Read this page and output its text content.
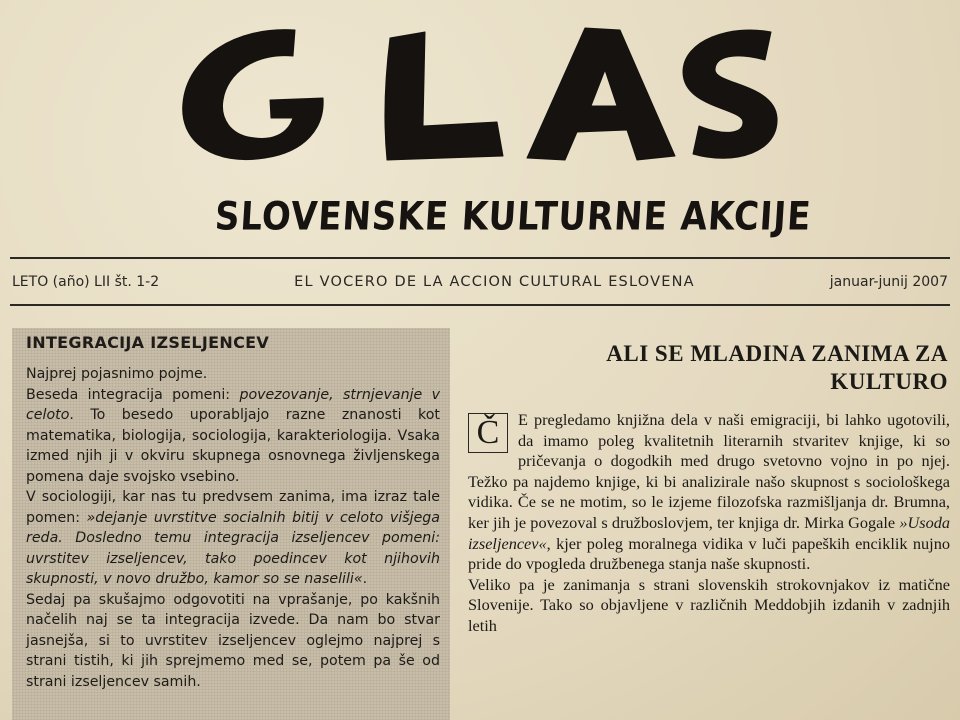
SLOVENSKE KULTURNE AKCIJE
LETO (año) LII št. 1-2	EL VOCERO DE LA ACCION CULTURAL ESLOVENA	januar-junij 2007
INTEGRACIJA IZSELJENCEV

Najprej pojasnimo pojme.

Beseda integracija pomeni: povezovanje, strnjevanje v celoto. To besedo uporabljajo razne znanosti kot matematika, biologija, sociologija, karakteriologija. Vsaka izmed njih ji v okviru skupnega osnovnega življenskega pomena daje svojsko vsebino.

V sociologiji, kar nas tu predvsem zanima, ima izraz tale pomen: »dejanje uvrstitve socialnih bitij v celoto višjega reda. Dosledno temu integracija izseljencev pomeni: uvrstitev izseljencev, tako poedincev kot njihovih skupnosti, v novo družbo, kamor so se naselili«.

Sedaj pa skušajmo odgovotiti na vprašanje, po kakšnih načelih naj se ta integracija izvede. Da nam bo stvar jasnejša, si to uvrstitev izseljencev oglejmo najprej s strani tistih, ki jih sprejmemo med se, potem pa še od strani izseljencev samih.

ALI SE MLADINA ZANIMA ZA
KULTURO

Č	E pregledamo knjižna dela v naši emigraciji, bi lahko ugotovili, da imamo poleg kvalitetnih literarnih stvaritev knjige, ki so pričevanja o dogodkih med drugo svetovno vojno in po njej. Težko pa najdemo knjige, ki bi analizirale našo skupnost s sociološkega vidika. Če se ne motim, so le izjeme filozofska razmišljanja dr. Brumna, ker jih je povezoval s družboslovjem, ter knjiga dr. Mirka Gogale »Usoda izseljencev«, kjer poleg moralnega vidika v luči papeških enciklik nujno pride do vpogleda družbenega stanja naše skupnosti.

Veliko pa je zanimanja s strani slovenskih strokovnjakov iz matične Slovenije. Tako so objavljene v različnih Meddobjih izdanih v zadnjih letih
